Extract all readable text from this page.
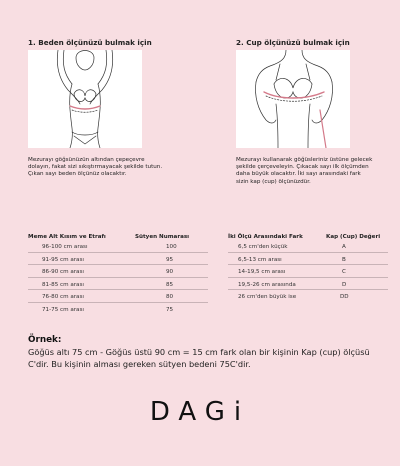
1. Beden ölçünüzü bulmak için
Mezurayı göğsünüzün altından çepeçevre dolayın, fakat sizi sıkıştırmayacak şekilde tutun. Çıkan sayı beden ölçünüz olacaktır.
2. Cup ölçünüzü bulmak için
Mezurayı kullanarak göğüsleriniz üstüne gelecek şekilde çerçeveleyin. Çıkacak sayı ilk ölçümden daha büyük olacaktır. İki sayı arasındaki fark sizin kap (cup) ölçünüzdür.
Meme Alt Kısım ve Etrafı	Sütyen Numarası
96-100 cm arası	100
91-95 cm arası	95
86-90 cm arası	90
81-85 cm arası	85
76-80 cm arası	80
71-75 cm arası	75
İki Ölçü Arasındaki Fark	Kap (Cup) Değeri
6,5 cm'den küçük	A
6,5-13 cm arası	B
14-19,5 cm arası	C
19,5-26 cm arasında	D
26 cm'den büyük ise	DD
Örnek:
Göğüs altı 75 cm - Göğüs üstü 90 cm = 15 cm fark olan bir kişinin Kap (cup) ölçüsü C'dir. Bu kişinin alması gereken sütyen bedeni 75C'dir.
DAGi
